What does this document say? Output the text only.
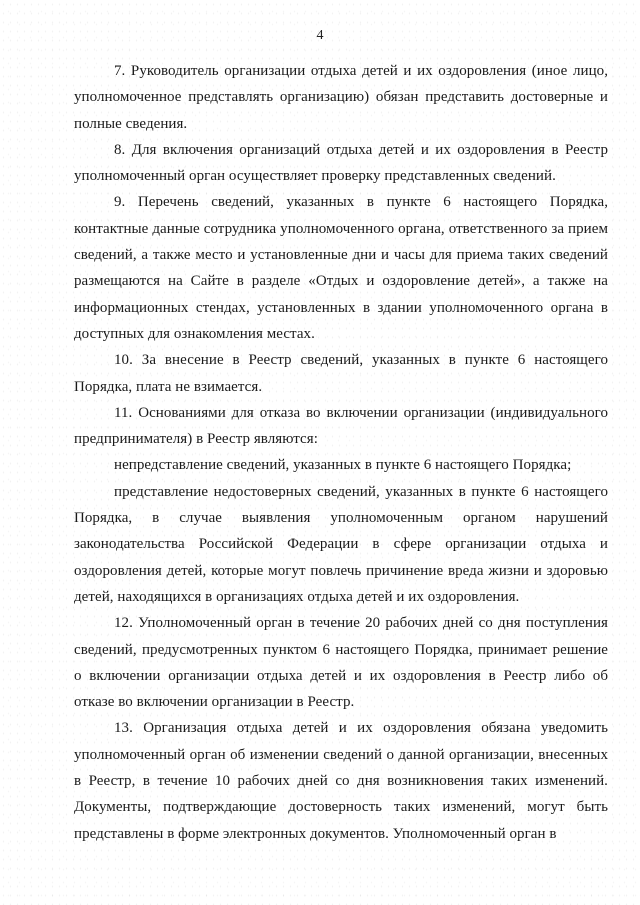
4

7. Руководитель организации отдыха детей и их оздоровления (иное лицо, уполномоченное представлять организацию) обязан представить достоверные и полные сведения.

8. Для включения организаций отдыха детей и их оздоровления в Реестр уполномоченный орган осуществляет проверку представленных сведений.

9. Перечень сведений, указанных в пункте 6 настоящего Порядка, контактные данные сотрудника уполномоченного органа, ответственного за прием сведений, а также место и установленные дни и часы для приема таких сведений размещаются на Сайте в разделе «Отдых и оздоровление детей», а также на информационных стендах, установленных в здании уполномоченного органа в доступных для ознакомления местах.

10. За внесение в Реестр сведений, указанных в пункте 6 настоящего Порядка, плата не взимается.

11. Основаниями для отказа во включении организации (индивидуального предпринимателя) в Реестр являются:

непредставление сведений, указанных в пункте 6 настоящего Порядка;

представление недостоверных сведений, указанных в пункте 6 настоящего Порядка, в случае выявления уполномоченным органом нарушений законодательства Российской Федерации в сфере организации отдыха и оздоровления детей, которые могут повлечь причинение вреда жизни и здоровью детей, находящихся в организациях отдыха детей и их оздоровления.

12. Уполномоченный орган в течение 20 рабочих дней со дня поступления сведений, предусмотренных пунктом 6 настоящего Порядка, принимает решение о включении организации отдыха детей и их оздоровления в Реестр либо об отказе во включении организации в Реестр.

13. Организация отдыха детей и их оздоровления обязана уведомить уполномоченный орган об изменении сведений о данной организации, внесенных в Реестр, в течение 10 рабочих дней со дня возникновения таких изменений. Документы, подтверждающие достоверность таких изменений, могут быть представлены в форме электронных документов. Уполномоченный орган в
